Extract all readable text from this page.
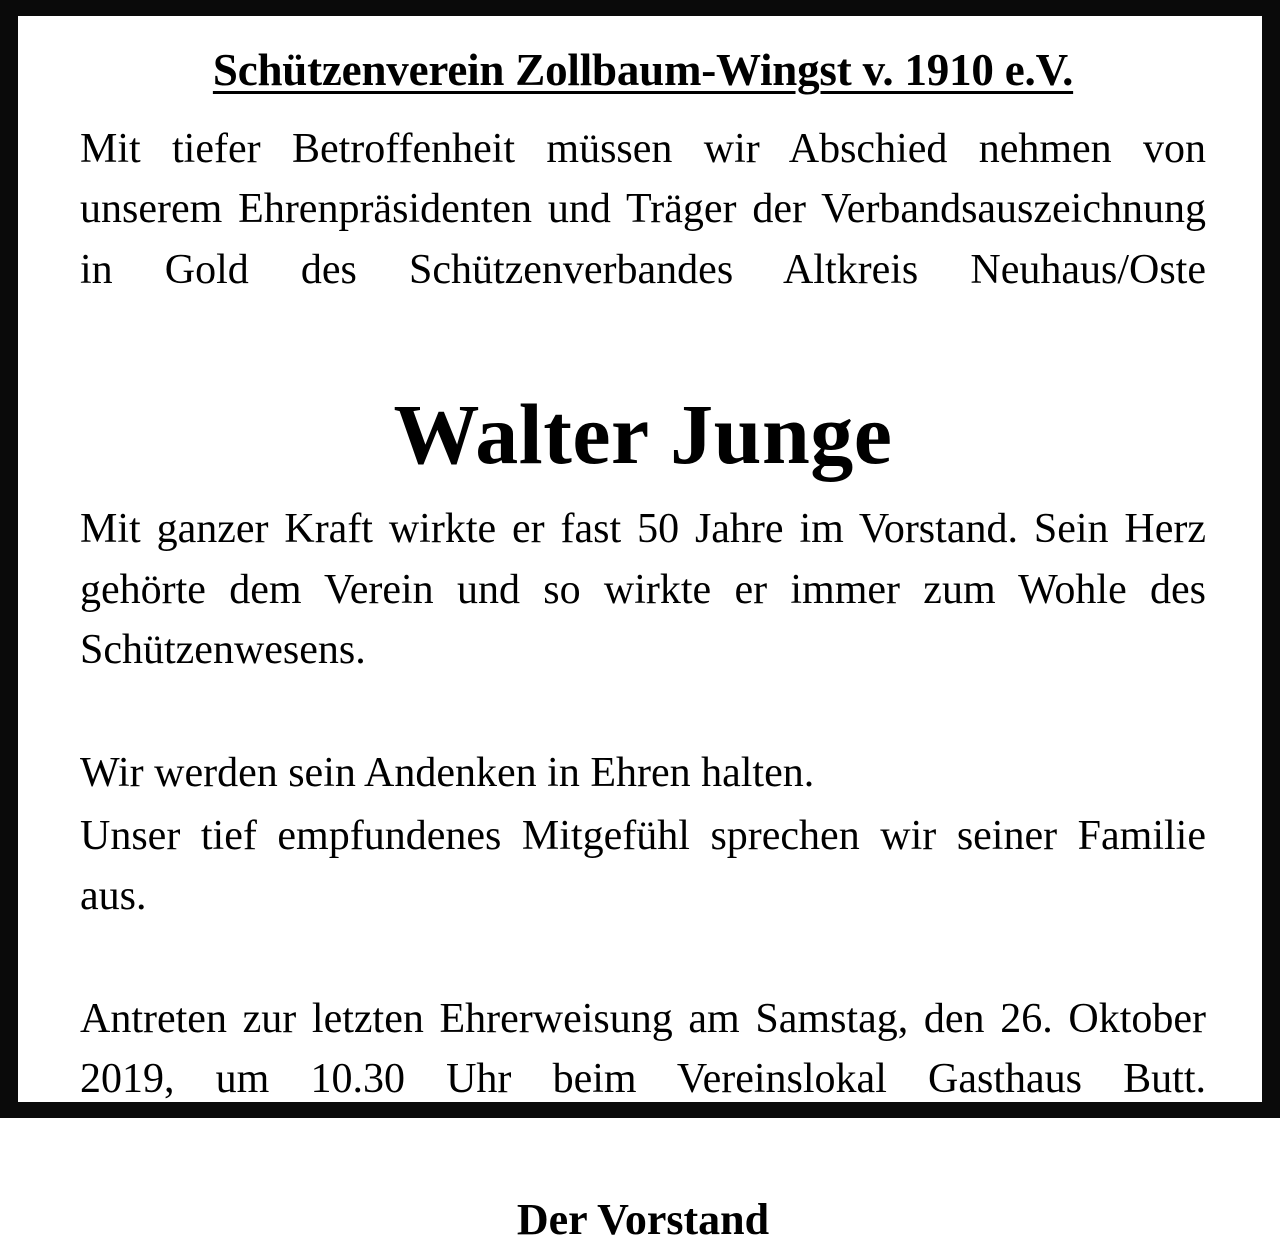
Schützenverein Zollbaum-Wingst v. 1910 e.V.

Mit tiefer Betroffenheit müssen wir Abschied nehmen von unserem Ehrenpräsidenten und Träger der Verbandsauszeichnung in Gold des Schützenverbandes Altkreis Neuhaus/Oste

Walter Junge

Mit ganzer Kraft wirkte er fast 50 Jahre im Vorstand. Sein Herz gehörte dem Verein und so wirkte er immer zum Wohle des Schützenwesens.

Wir werden sein Andenken in Ehren halten.

Unser tief empfundenes Mitgefühl sprechen wir seiner Familie aus.

Antreten zur letzten Ehrerweisung am Samstag, den 26. Oktober 2019, um 10.30 Uhr beim Vereinslokal Gasthaus Butt.

Der Vorstand
